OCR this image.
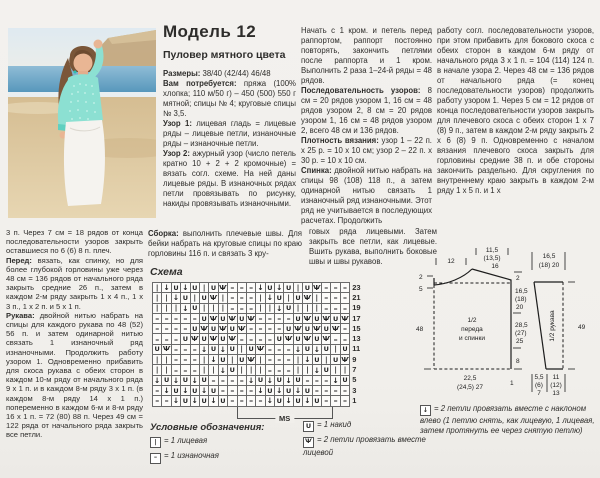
Модель 12
Пуловер мятного цвета

Размеры: 38/40 (42/44) 46/48

Вам потребуется: пряжа (100% хлопка; 110 м/50 г) – 450 (500) 550 г мятной; спицы № 4; круговые спицы № 3,5.

Узор 1: лицевая гладь = лицевые ряды – лицевые петли, изнаночные ряды – изнаночные петли.

Узор 2: ажурный узор (число петель кратно 10 + 2 + 2 кромочные) = вязать согл. схеме. На ней даны лицевые ряды. В изнаночных рядах петли провязывать по рисунку, накиды провязывать изнаночными.

Начать с 1 кром. и петель перед раппортом, раппорт постоянно повторять, закончить петлями после раппорта и 1 кром. Выполнить 2 раза 1–24-й ряды = 48 рядов.

Последовательность узоров: 8 см = 20 рядов узором 1, 16 см = 48 рядов узором 2, 8 см = 20 рядов узором 1, 16 см = 48 рядов узором 2, всего 48 см и 136 рядов.

Плотность вязания: узор 1 – 22 п. х 25 р. = 10 х 10 см; узор 2 – 22 п. х 30 р. = 10 х 10 см.

Спинка: двойной нитью набрать на спицы 98 (108) 118 п., а затем одинарной нитью связать 1 изнаночный ряд изнаночными. Этот ряд не учитывается в последующих расчетах. Продолжить

работу согл. последовательности узоров, при этом прибавить для бокового скоса с обеих сторон в каждом 6-м ряду от начального ряда 3 х 1 п. = 104 (114) 124 п. в начале узора 2. Через 48 см = 136 рядов от начального ряда (= конец последовательности узоров) продолжить работу узором 1. Через 5 см = 12 рядов от конца последовательности узоров закрыть для плечевого скоса с обеих сторон 1 х 7 (8) 9 п., затем в каждом 2-м ряду закрыть 2 х 6 (8) 9 п. Одновременно с началом вязания плечевого скоса закрыть для горловины средние 38 п. и обе стороны закончить раздельно. Для скругления по внутреннему краю закрыть в каждом 2-м ряду 1 х 5 п. и 1 х

3 п. Через 7 см = 18 рядов от конца последовательности узоров закрыть оставшиеся по 6 (6) 8 п. плеч.

Перед: вязать, как спинку, но для более глубокой горловины уже через 48 см = 136 рядов от начального ряда закрыть средние 26 п., затем в каждом 2-м ряду закрыть 1 х 4 п., 1 х 3 п., 1 х 2 п. и 5 х 1 п.

Рукава: двойной нитью набрать на спицы для каждого рукава по 48 (52) 56 п. и затем одинарной нитью связать 1 изнаночный ряд изнаночными. Продолжить работу узором 1. Одновременно прибавить для скоса рукава с обеих сторон в каждом 10-м ряду от начального ряда 9 х 1 п. и в каждом 8-м ряду 3 х 1 п. (в каждом 8-м ряду 14 х 1 п.) попеременно в каждом 6-м и 8-м ряду 16 х 1 п. = 72 (80) 88 п. Через 49 см = 122 ряда от начального ряда закрыть все петли.

Сборка: выполнить плечевые швы. Для бейки набрать на круговые спицы по краю горловины 116 п. и связать 3 кру-

говых ряда лицевыми. Затем закрыть все петли, как лицевые. Вшить рукава, выполнить боковые швы и швы рукавов.

Схема
| ↓ U ↓ U | U Ѱ – – – ↓ U ↓ U | U Ѱ – – –
| | ↓ U | U Ѱ | – – – | ↓ U | U Ѱ | – – –
| | | ↓ U | | | – – – | | ↓ U | | | – – –
– – – – – U Ѱ U Ѱ U Ѱ – – – – U Ѱ U Ѱ U Ѱ
– – – – U Ѱ U Ѱ U Ѱ – – – – U Ѱ U Ѱ U Ѱ –
– – – U Ѱ U Ѱ U Ѱ – – – – U Ѱ U Ѱ U Ѱ – –
U Ѱ – – – ↓ U ↓ U | U Ѱ – – – ↓ U ↓ U | U
| | – – – | ↓ U | U Ѱ | – – – | ↓ U | U Ѱ
| | – – – | | ↓ U | | | – – – | | ↓ U | |
↓ U ↓ U ↓ U – – – – ↓ U ↓ U ↓ U – – – ↓ U
– ↓ U ↓ U ↓ U – – – – ↓ U ↓ U ↓ U – – – –
– – ↓ U ↓ U ↓ U – – – – ↓ U ↓ U ↓ U – – –
MS
23
21
19
17
15
13
11
9
7
5
3
1
Условные обозначения:
| = 1 лицевая
– = 1 изнаночная
U = 1 накид
Ѱ = 2 петли провязать вместе лицевой
↓ = 2 петли провязать вместе с наклоном влево (1 петлю снять, как лицевую, 1 лицевая, затем протянуть ее через снятую петлю)
12
11,5
(13,5)
16
2
5
48
2
16,5
(18)
20
28,5
(27)
25
8
22,5
(24,5) 27
1
1/2
переда
и спинки
16,5
(18) 20
49
1/2 рукава
5,5
(6)
7
11
(12)
13
